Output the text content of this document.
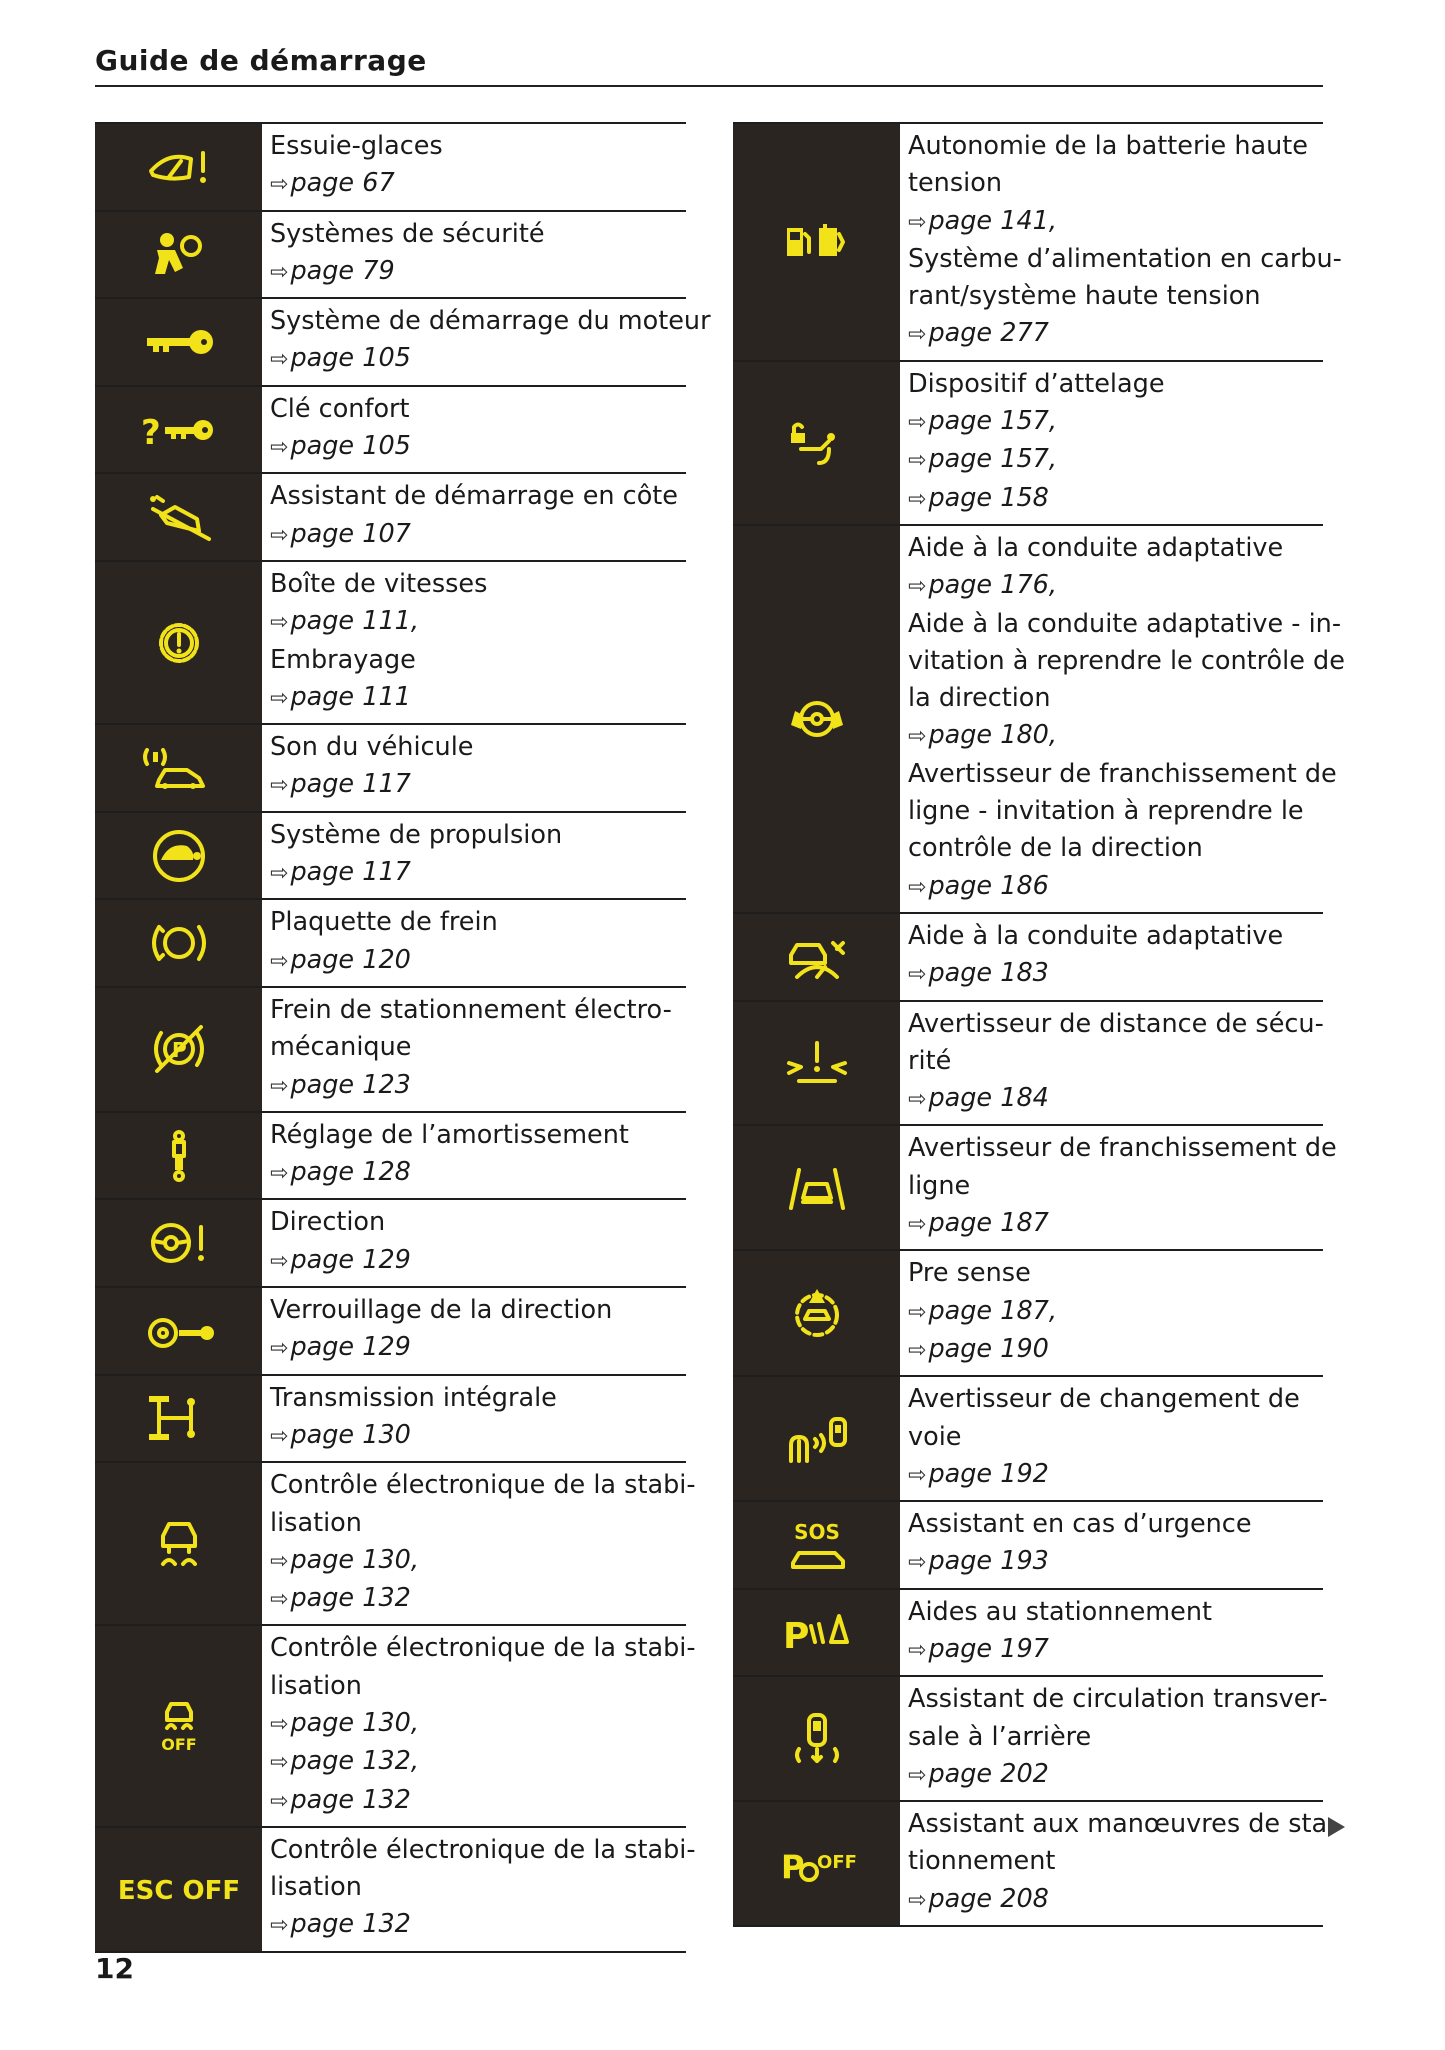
Guide de démarrage
Essuie-glaces
⇨page 67
Systèmes de sécurité
⇨page 79
Système de démarrage du moteur
⇨page 105
?
Clé confort
⇨page 105
Assistant de démarrage en côte
⇨page 107
Boîte de vitesses
⇨page 111,
Embrayage
⇨page 111
Son du véhicule
⇨page 117
Système de propulsion
⇨page 117
Plaquette de frein
⇨page 120
P
Frein de stationnement électro-
mécanique
⇨page 123
Réglage de l’amortissement
⇨page 128
Direction
⇨page 129
Verrouillage de la direction
⇨page 129
Transmission intégrale
⇨page 130
Contrôle électronique de la stabi-
lisation
⇨page 130,
⇨page 132
OFF
Contrôle électronique de la stabi-
lisation
⇨page 130,
⇨page 132,
⇨page 132
ESC OFF
Contrôle électronique de la stabi-
lisation
⇨page 132
Autonomie de la batterie haute
tension
⇨page 141,
Système d’alimentation en carbu-
rant/système haute tension
⇨page 277
Dispositif d’attelage
⇨page 157,
⇨page 157,
⇨page 158
Aide à la conduite adaptative
⇨page 176,
Aide à la conduite adaptative - in-
vitation à reprendre le contrôle de
la direction
⇨page 180,
Avertisseur de franchissement de
ligne - invitation à reprendre le
contrôle de la direction
⇨page 186
Aide à la conduite adaptative
⇨page 183
Avertisseur de distance de sécu-
rité
⇨page 184
Avertisseur de franchissement de
ligne
⇨page 187
Pre sense
⇨page 187,
⇨page 190
Avertisseur de changement de
voie
⇨page 192
SOS	Assistant en cas d’urgence
⇨page 193
P
Aides au stationnement
⇨page 197
Assistant de circulation transver-
sale à l’arrière
⇨page 202
P OFF
Assistant aux manœuvres de sta-
tionnement
⇨page 208
12
